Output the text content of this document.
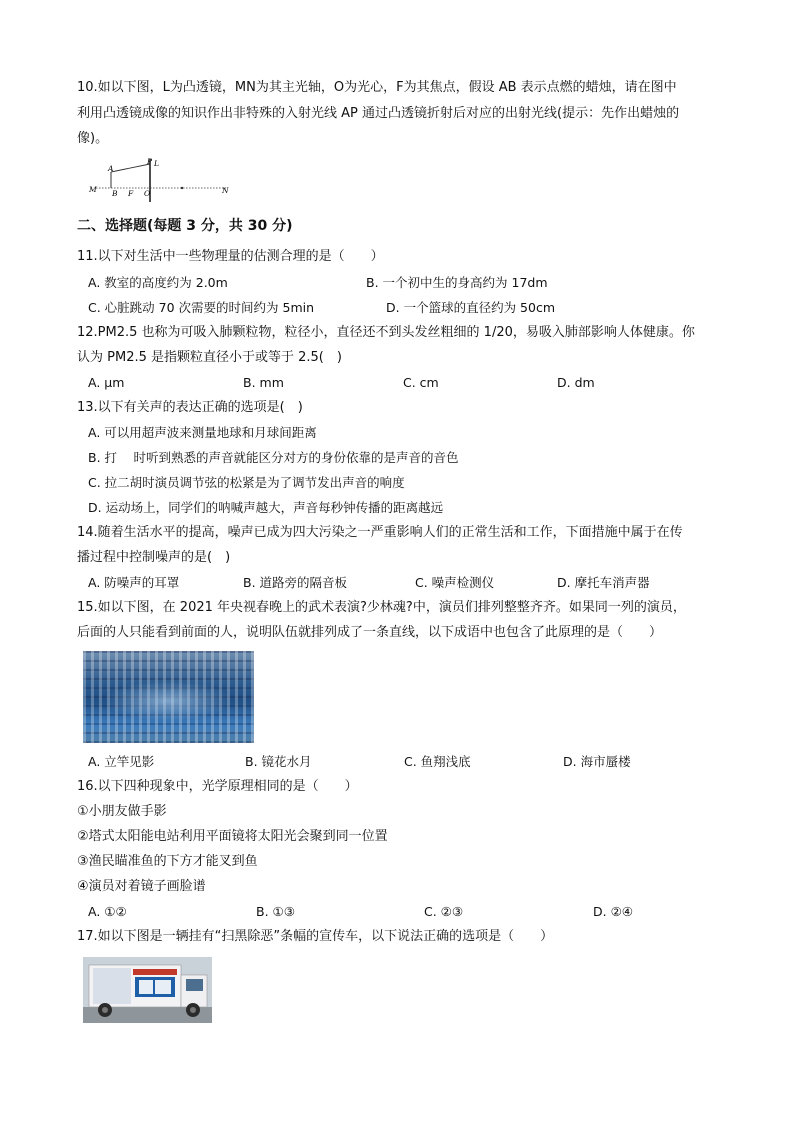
10.如以下图，L为凸透镜，MN为其主光轴，O为光心，F为其焦点，假设 AB 表示点燃的蜡烛，请在图中
利用凸透镜成像的知识作出非特殊的入射光线 AP 通过凸透镜折射后对应的出射光线(提示：先作出蜡烛的
像)。
A
P L
M B F O	N
二、选择题(每题 3 分，共 30 分)
11.以下对生活中一些物理量的估测合理的是（　　）
A. 教室的高度约为 2.0m	B. 一个初中生的身高约为 17dm
C. 心脏跳动 70 次需要的时间约为 5min	D. 一个篮球的直径约为 50cm
12.PM2.5 也称为可吸入肺颗粒物，粒径小，直径还不到头发丝粗细的 1/20，易吸入肺部影响人体健康。你
认为 PM2.5 是指颗粒直径小于或等于 2.5(　)
A. μm	B. mm	C. cm	D. dm
13.以下有关声的表达正确的选项是(　)
A. 可以用超声波来测量地球和月球间距离
B. 打　 时听到熟悉的声音就能区分对方的身份依靠的是声音的音色
C. 拉二胡时演员调节弦的松紧是为了调节发出声音的响度
D. 运动场上，同学们的呐喊声越大，声音每秒钟传播的距离越远
14.随着生活水平的提高，噪声已成为四大污染之一严重影响人们的正常生活和工作，下面措施中属于在传
播过程中控制噪声的是(　)
A. 防噪声的耳罩	B. 道路旁的隔音板	C. 噪声检测仪	D. 摩托车消声器
15.如以下图，在 2021 年央视春晚上的武术表演?少林魂?中，演员们排列整整齐齐。如果同一列的演员，
后面的人只能看到前面的人，说明队伍就排列成了一条直线，以下成语中也包含了此原理的是（　　）
A. 立竿见影	B. 镜花水月	C. 鱼翔浅底	D. 海市蜃楼
16.以下四种现象中，光学原理相同的是（　　）
①小朋友做手影
②塔式太阳能电站利用平面镜将太阳光会聚到同一位置
③渔民瞄准鱼的下方才能叉到鱼
④演员对着镜子画脸谱
A. ①②	B. ①③	C. ②③	D. ②④
17.如以下图是一辆挂有“扫黑除恶”条幅的宣传车，以下说法正确的选项是（　　）
